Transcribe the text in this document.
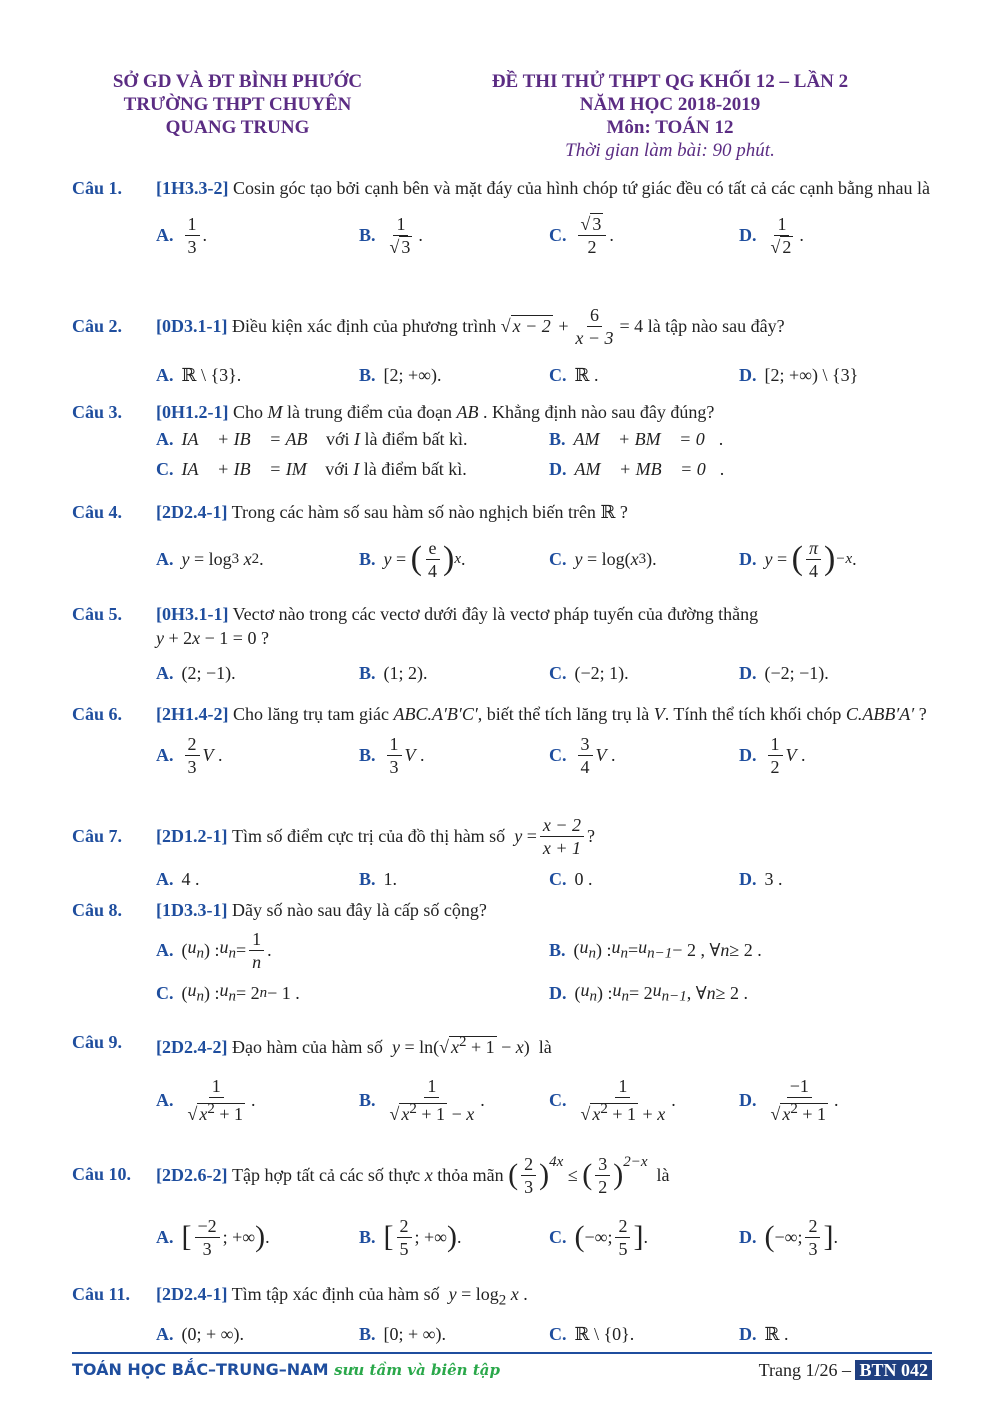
SỞ GD VÀ ĐT BÌNH PHƯỚC
TRƯỜNG THPT CHUYÊN
QUANG TRUNG
ĐỀ THI THỬ THPT QG KHỐI 12 – LẦN 2
NĂM HỌC 2018-2019
Môn: TOÁN 12
Thời gian làm bài: 90 phút.
Câu 1. [1H3.3-2] Cosin góc tạo bởi cạnh bên và mặt đáy của hình chóp tứ giác đều có tất cả các cạnh bằng nhau là
A. $\frac{1}{3}$ .	B. $\frac{1}{√ 3}$ .	C. $\frac{√ 3}{2}$ .	D. $\frac{1}{√ 2}$ .
Câu 2. [0D3.1-1]
Điều kiện xác định của phương trình
√ $x - 2 + \frac{6}{x - 3} = 4$
là tập nào sau đây?
A. ℝ \ {3}.	B. [2; +∞).	C. ℝ .	D. [2; +∞) \ {3}
Câu 3. [0H1.2-1] Cho M là trung điểm của đoạn AB . Khẳng định nào sau đây đúng?
A. IA⃗ + IB⃗ = AB⃗
với
I
là điểm bất kì.	B. AM⃗ + BM⃗ = 0⃗ .
C. IA⃗ + IB⃗ = IM⃗
với
I
là điểm bất kì.	D. AM⃗ + MB⃗ = 0⃗ .
Câu 4. [2D2.4-1] Trong các hàm số sau hàm số nào nghịch biến trên ℝ ?
A. y = log 3
x 2 .	B. y = ( $\frac{e}{4}$ ) x .	C. y = log( x 3 ).	D. y = ( $\frac{\pi}{4}$ ) −x .
Câu 5. [0H3.1-1] Vectơ nào trong các vectơ dưới đây là vectơ pháp tuyến của đường thẳng
y + 2x − 1 = 0 ?
A. (2; −1).	B. (1; 2).	C. (−2; 1).	D. (−2; −1).
Câu 6. [2H1.4-2] Cho lăng trụ tam giác ABC.A′B′C′, biết thể tích lăng trụ là V. Tính thể tích khối chóp C.ABB′A′ ?
A. $\frac{2}{3}$ V .	B. $\frac{1}{3}$ V .	C. $\frac{3}{4}$ V .	D. $\frac{1}{2}$ V .
Câu 7. [2D1.2-1]
Tìm số điểm cực trị của đồ thị hàm số
$y = \frac{x - 2}{x + 1}$ ?
A. 4 .	B. 1.	C. 0 .	D. 3 .
Câu 8. [1D3.3-1] Dãy số nào sau đây là cấp số cộng?
A. ( $u_n$ ) : $u_n = \frac{1}{n}$ .	B. ( $u_n$ ) : $u_n = u_{n-1} - 2$ , ∀ n ≥ 2 .
C. ( $u_n$ ) : $u_n = 2$ n − 1 .	D. ( $u_n$ ) : $u_n = 2$ $u_{n-1}$ , ∀ n ≥ 2 .
Câu 9. [2D2.4-2] Đạo hàm của hàm số y = ln(√ $x^2 + 1 - x$)  là
A. $\frac{1}{√ x^2 + 1}$ .	B. $\frac{1}{√ x^2 + 1 - x}$ .	C. $\frac{1}{√ x^2 + 1 + x}$ .	D. $\frac{-1}{√ x^2 + 1}$ .
Câu 10. [2D2.6-2]
Tập hợp tất cả các số thực
x
thỏa mãn
( $\frac{2}{3} )^{4x}$
≤ ( $\frac{3}{2} )^{2-x}$

là
A. [ $\frac{-2}{3}$ ; +∞ ) .	B. [ $\frac{2}{5}$ ; +∞ ) .	C. ( −∞; $\frac{2}{5}$ ] .	D. ( −∞; $\frac{2}{3}$ ] .
Câu 11. [2D2.4-1] Tìm tập xác định của hàm số $y = \log_2 x$ .
A. (0; + ∞).	B. [0; + ∞).	C. ℝ \ {0}.	D. ℝ .
TOÁN HỌC BẮC–TRUNG–NAM sưu tầm và biên tập	Trang 1/26 – BTN 042
